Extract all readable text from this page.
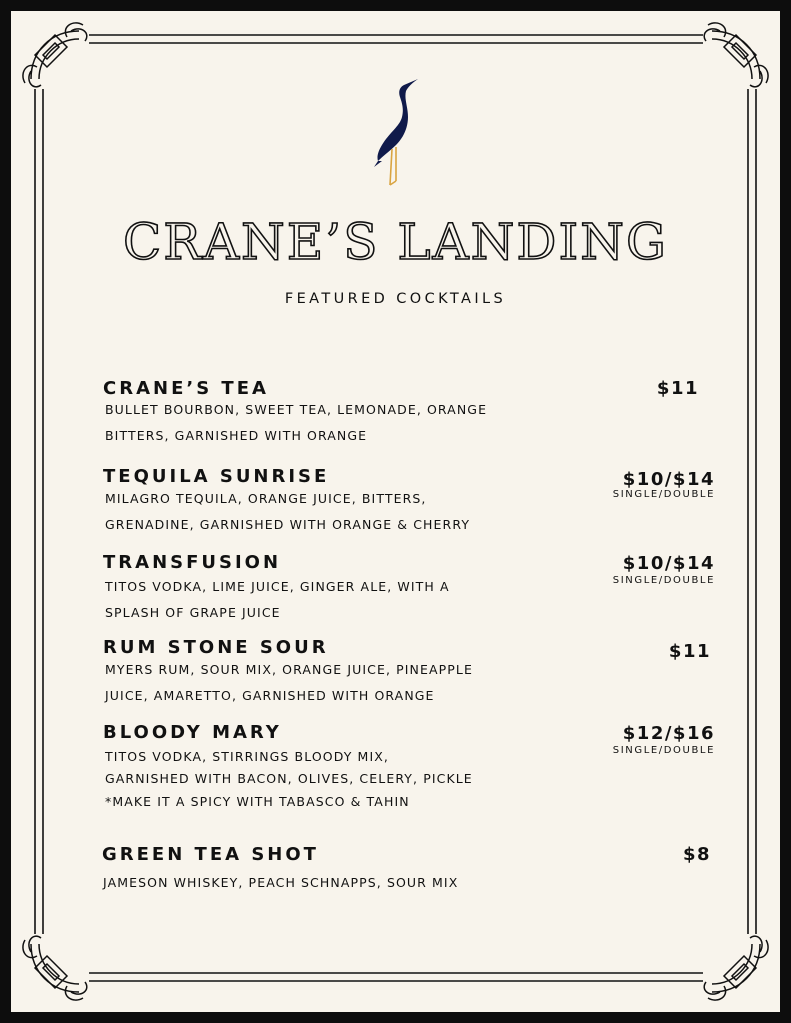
CRANE’S LANDING
FEATURED COCKTAILS
CRANE’S TEA	$11
BULLET BOURBON, SWEET TEA, LEMONADE, ORANGE
BITTERS, GARNISHED WITH ORANGE
TEQUILA SUNRISE	$10/$14
SINGLE/DOUBLE
MILAGRO TEQUILA, ORANGE JUICE, BITTERS,
GRENADINE, GARNISHED WITH ORANGE & CHERRY
TRANSFUSION	$10/$14
SINGLE/DOUBLE
TITOS VODKA, LIME JUICE, GINGER ALE, WITH A
SPLASH OF GRAPE JUICE
RUM STONE SOUR	$11
MYERS RUM, SOUR MIX, ORANGE JUICE, PINEAPPLE
JUICE, AMARETTO, GARNISHED WITH ORANGE
BLOODY MARY	$12/$16
SINGLE/DOUBLE
TITOS VODKA, STIRRINGS BLOODY MIX,
GARNISHED WITH BACON, OLIVES, CELERY, PICKLE
*MAKE IT A SPICY WITH TABASCO & TAHIN
GREEN TEA SHOT	$8
JAMESON WHISKEY, PEACH SCHNAPPS, SOUR MIX
